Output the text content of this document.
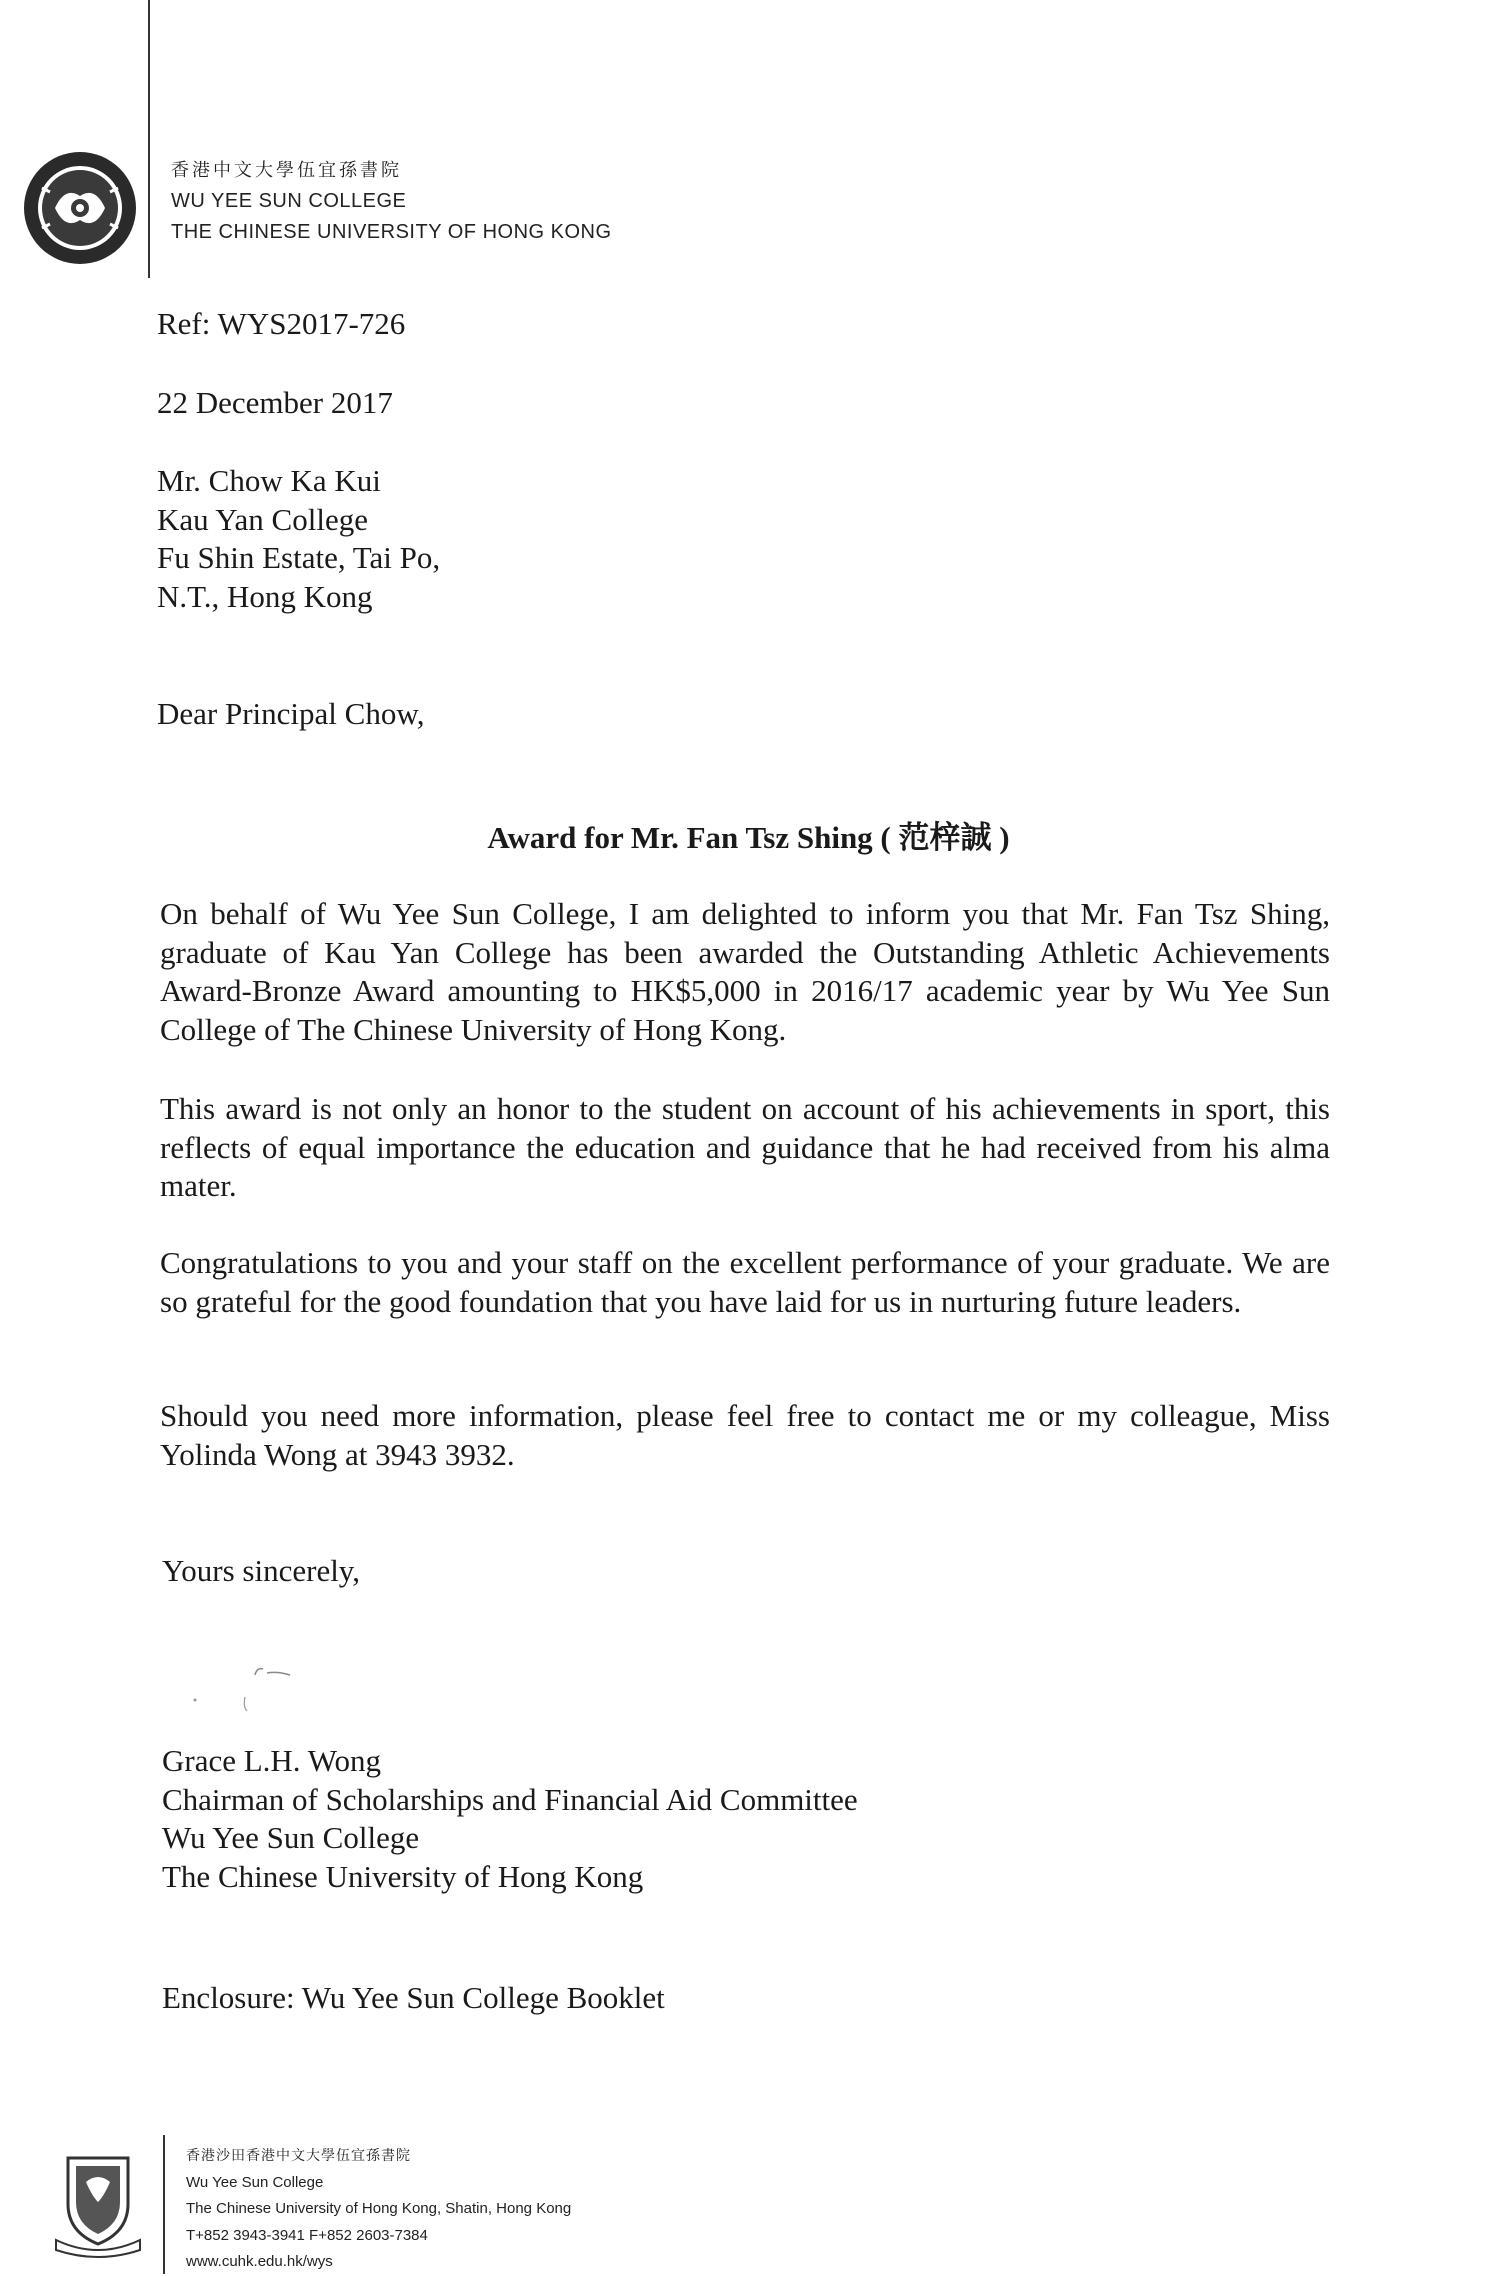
香港中文大學伍宜孫書院
WU YEE SUN COLLEGE
THE CHINESE UNIVERSITY OF HONG KONG
Ref: WYS2017-726
22 December 2017
Mr. Chow Ka Kui
Kau Yan College
Fu Shin Estate, Tai Po,
N.T., Hong Kong
Dear Principal Chow,
Award for Mr. Fan Tsz Shing ( 范梓誠 )
On behalf of Wu Yee Sun College, I am delighted to inform you that Mr. Fan Tsz Shing, graduate of Kau Yan College has been awarded the Outstanding Athletic Achievements Award-Bronze Award amounting to HK$5,000 in 2016/17 academic year by Wu Yee Sun College of The Chinese University of Hong Kong.
This award is not only an honor to the student on account of his achievements in sport, this reflects of equal importance the education and guidance that he had received from his alma mater.
Congratulations to you and your staff on the excellent performance of your graduate. We are so grateful for the good foundation that you have laid for us in nurturing future leaders.
Should you need more information, please feel free to contact me or my colleague, Miss Yolinda Wong at 3943 3932.
Yours sincerely,
Grace L.H. Wong
Chairman of Scholarships and Financial Aid Committee
Wu Yee Sun College
The Chinese University of Hong Kong
Enclosure: Wu Yee Sun College Booklet
香港沙田香港中文大學伍宜孫書院
Wu Yee Sun College
The Chinese University of Hong Kong, Shatin, Hong Kong
T+852 3943-3941 F+852 2603-7384
www.cuhk.edu.hk/wys
